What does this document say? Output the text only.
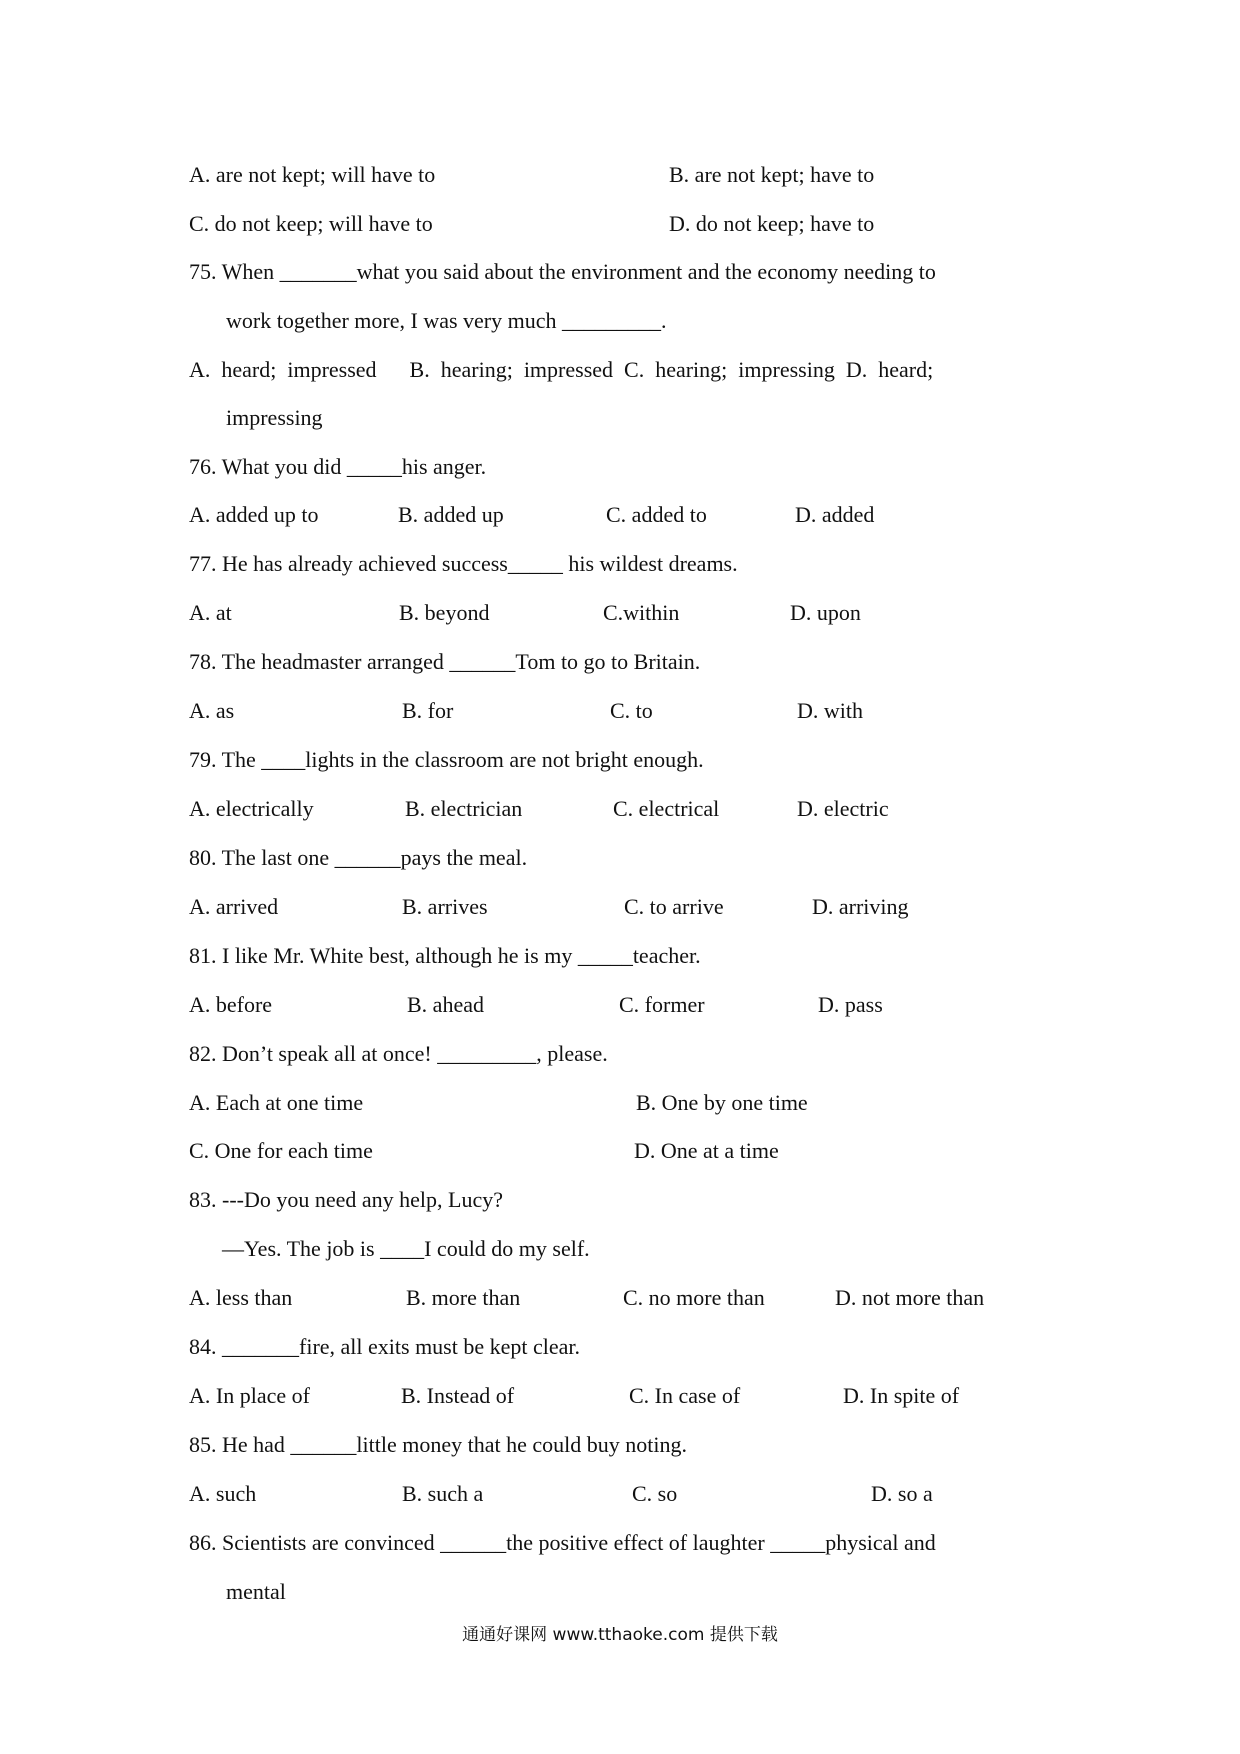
A. are not kept; will have to	B. are not kept; have to
C. do not keep; will have to	D. do not keep; have to
75. When _______what you said about the environment and the economy needing to
work together more, I was very much _________.
A.  heard;  impressed      B.  hearing;  impressed  C.  hearing;  impressing  D.  heard;
impressing
76. What you did _____his anger.
A. added up to	B. added up	C. added to	D. added
77. He has already achieved success_____ his wildest dreams.
A. at	B. beyond	C.within	D. upon
78. The headmaster arranged ______Tom to go to Britain.
A. as	B. for	C. to	D. with
79. The ____lights in the classroom are not bright enough.
A. electrically	B. electrician	C. electrical	D. electric
80. The last one ______pays the meal.
A. arrived	B. arrives	C. to arrive	D. arriving
81. I like Mr. White best, although he is my _____teacher.
A. before	B. ahead	C. former	D. pass
82. Don’t speak all at once! _________, please.
A. Each at one time	B. One by one time
C. One for each time	D. One at a time
83. ---Do you need any help, Lucy?
—Yes. The job is ____I could do my self.
A. less than	B. more than	C. no more than	D. not more than
84. _______fire, all exits must be kept clear.
A. In place of	B. Instead of	C. In case of	D. In spite of
85. He had ______little money that he could buy noting.
A. such	B. such a	C. so	D. so a
86. Scientists are convinced ______the positive effect of laughter _____physical and
mental
通通好课网 www.tthaoke.com 提供下载
